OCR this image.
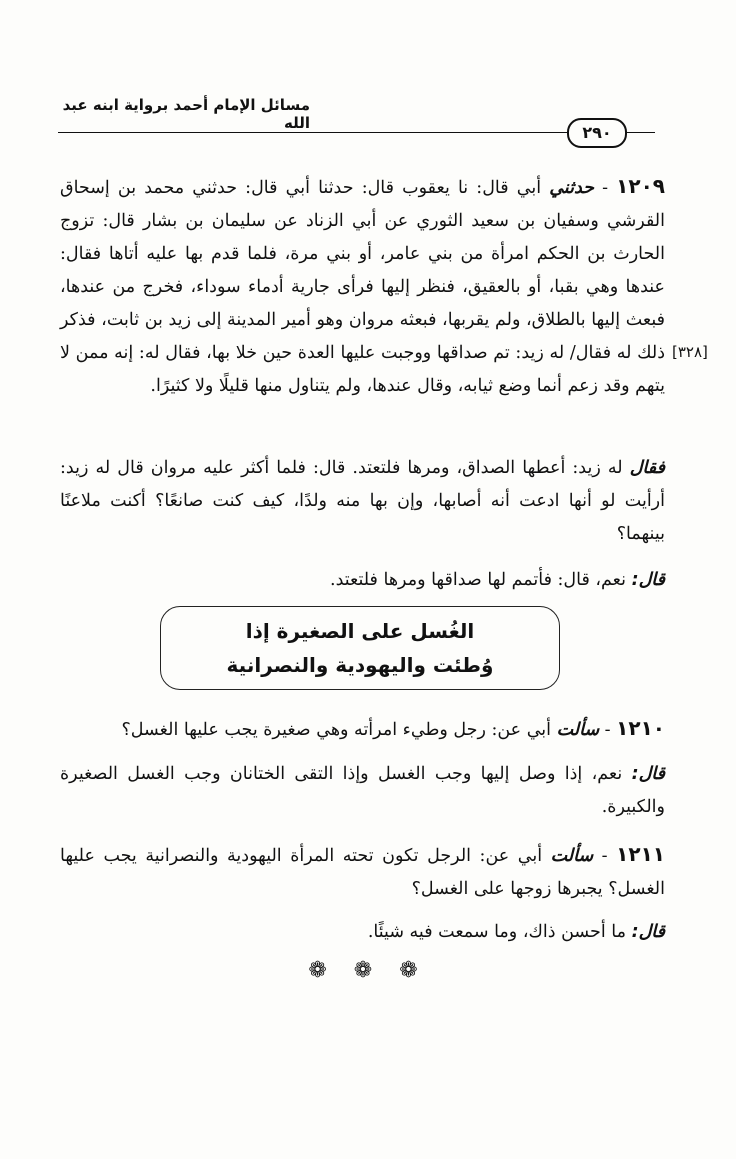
مسائل الإمام أحمد برواية ابنه عبد الله	٢٩٠
[٣٢٨]
١٢٠٩ - حدثني أبي قال: نا يعقوب قال: حدثنا أبي قال: حدثني محمد بن إسحاق القرشي وسفيان بن سعيد الثوري عن أبي الزناد عن سليمان بن بشار قال: تزوج الحارث بن الحكم امرأة من بني عامر، أو بني مرة، فلما قدم بها عليه أتاها فقال: عندها وهي بقبا، أو بالعقيق، فنظر إليها فرأى جارية أدماء سوداء، فخرج من عندها، فبعث إليها بالطلاق، ولم يقربها، فبعثه مروان وهو أمير المدينة إلى زيد بن ثابت، فذكر ذلك له فقال/ له زيد: تم صداقها ووجبت عليها العدة حين خلا بها، فقال له: إنه ممن لا يتهم وقد زعم أنما وضع ثيابه، وقال عندها، ولم يتناول منها قليلًا ولا كثيرًا.
فقال له زيد: أعطها الصداق، ومرها فلتعتد. قال: فلما أكثر عليه مروان قال له زيد: أرأيت لو أنها ادعت أنه أصابها، وإن بها منه ولدًا، كيف كنت صانعًا؟ أكنت ملاعنًا بينهما؟
قال: نعم، قال: فأتمم لها صداقها ومرها فلتعتد.
الغُسل على الصغيرة إذا وُطئت واليهودية والنصرانية
١٢١٠ - سألت أبي عن: رجل وطيء امرأته وهي صغيرة يجب عليها الغسل؟
قال: نعم، إذا وصل إليها وجب الغسل وإذا التقى الختانان وجب الغسل الصغيرة والكبيرة.
١٢١١ - سألت أبي عن: الرجل تكون تحته المرأة اليهودية والنصرانية يجب عليها الغسل؟ يجبرها زوجها على الغسل؟
قال: ما أحسن ذاك، وما سمعت فيه شيئًا.
❁ ❁ ❁
